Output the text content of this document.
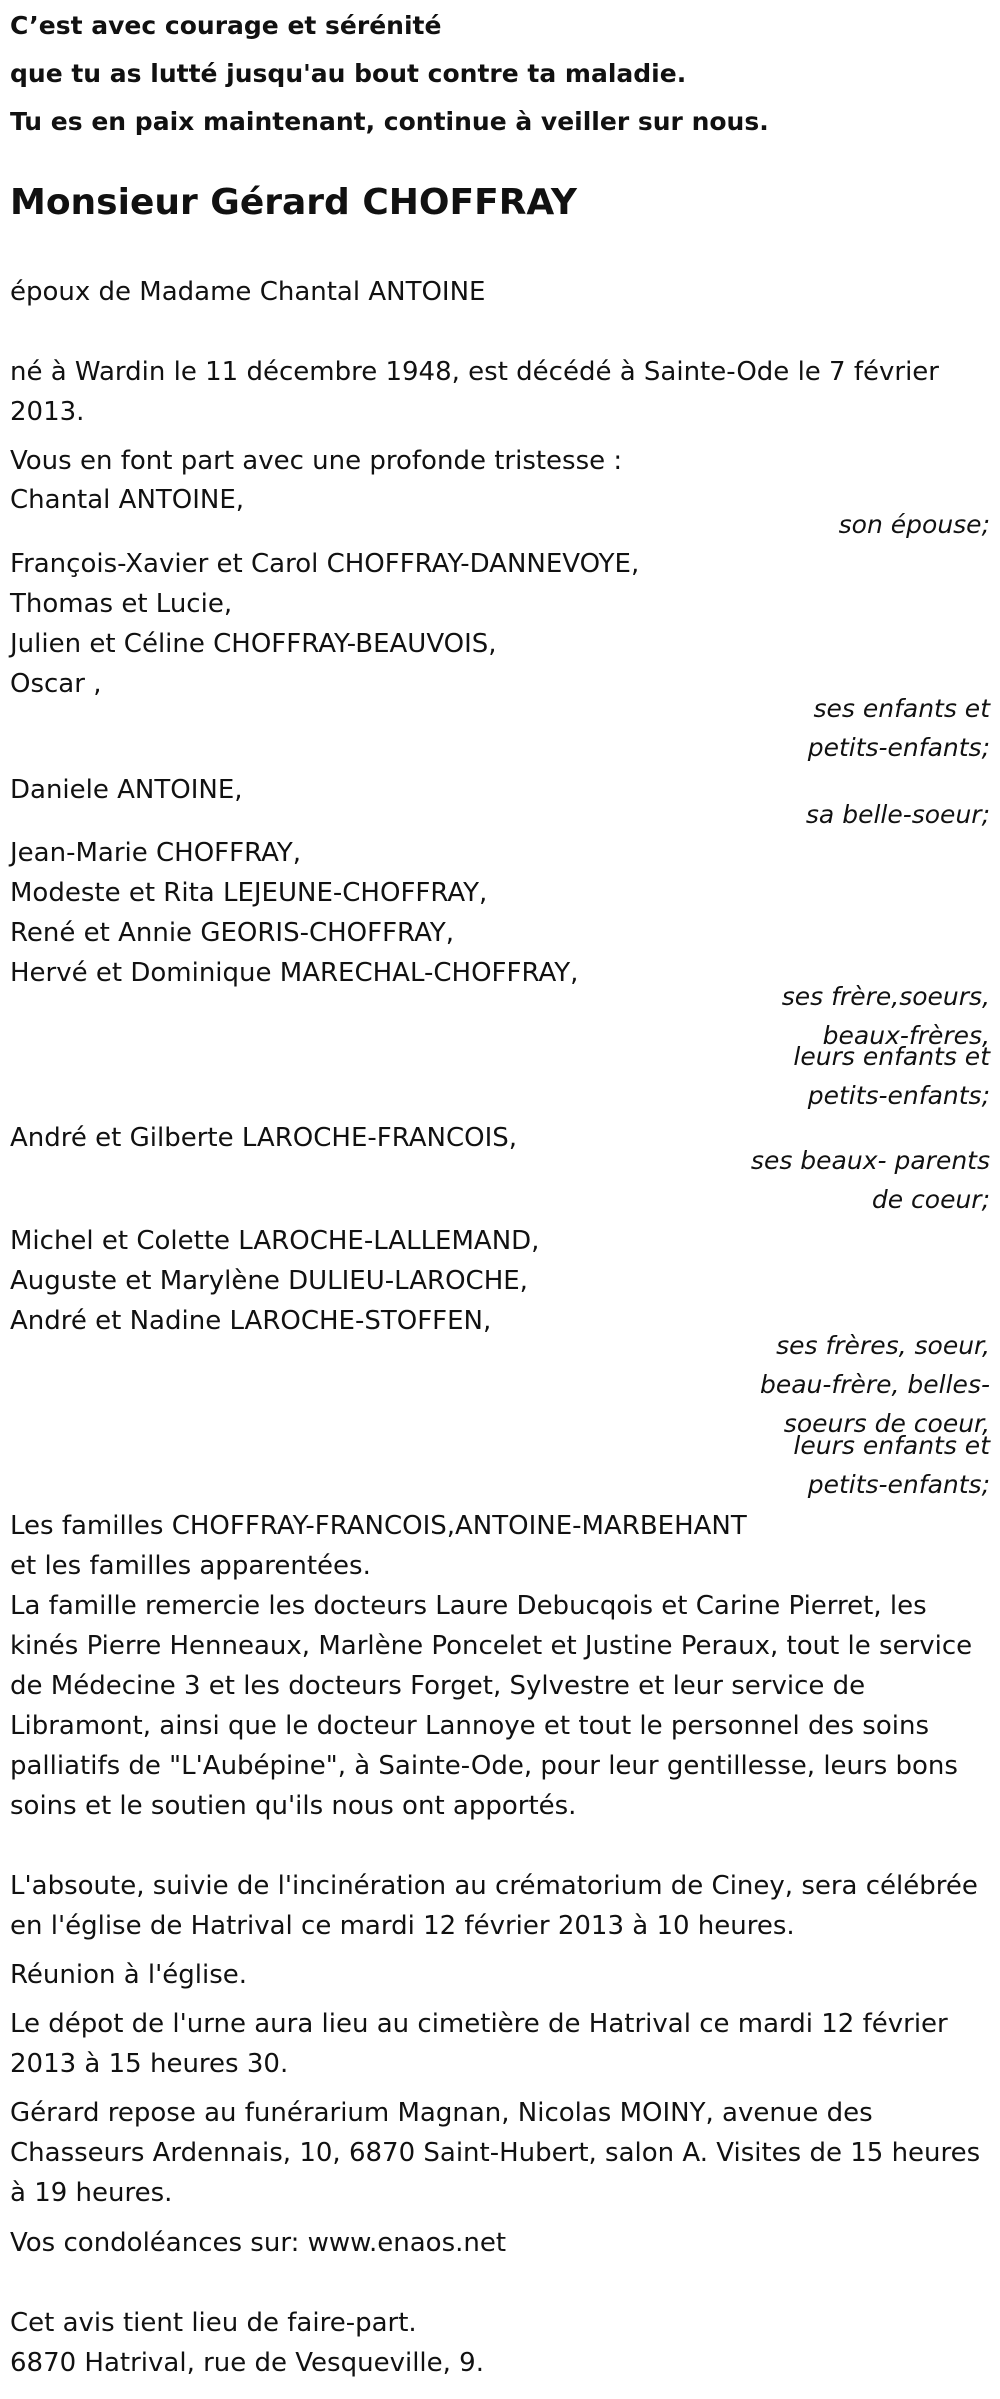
C’est avec courage et sérénité
que tu as lutté jusqu'au bout contre ta maladie.
Tu es en paix maintenant, continue à veiller sur nous.
Monsieur Gérard CHOFFRAY
époux de Madame Chantal ANTOINE
né à Wardin le 11 décembre 1948, est décédé à Sainte-Ode le 7 février 2013.
Vous en font part avec une profonde tristesse :
Chantal ANTOINE,
son épouse;
François-Xavier et Carol CHOFFRAY-DANNEVOYE,
Thomas et Lucie,
Julien et Céline CHOFFRAY-BEAUVOIS,
Oscar ,
ses enfants et petits-enfants;
Daniele ANTOINE,
sa belle-soeur;
Jean-Marie CHOFFRAY,
Modeste et Rita LEJEUNE-CHOFFRAY,
René et Annie GEORIS-CHOFFRAY,
Hervé et Dominique MARECHAL-CHOFFRAY,
ses frère,soeurs, beaux-frères,
leurs enfants et petits-enfants;
André et Gilberte LAROCHE-FRANCOIS,
ses beaux- parents de coeur;
Michel et Colette LAROCHE-LALLEMAND,
Auguste et Marylène DULIEU-LAROCHE,
André et Nadine LAROCHE-STOFFEN,
ses frères, soeur, beau-frère, belles-soeurs de coeur,
leurs enfants et petits-enfants;
Les familles CHOFFRAY-FRANCOIS,ANTOINE-MARBEHANT
et les familles apparentées.
La famille remercie les docteurs Laure Debucqois et Carine Pierret, les kinés Pierre Henneaux, Marlène Poncelet et Justine Peraux, tout le service de Médecine 3 et les docteurs Forget, Sylvestre et leur service de Libramont, ainsi que le docteur Lannoye et tout le personnel des soins palliatifs de "L'Aubépine", à Sainte-Ode, pour leur gentillesse, leurs bons soins et le soutien qu'ils nous ont apportés.
L'absoute, suivie de l'incinération au crématorium de Ciney, sera célébrée en l'église de Hatrival ce mardi 12 février 2013 à 10 heures.
Réunion à l'église.
Le dépot de l'urne aura lieu au cimetière de Hatrival ce mardi 12 février 2013 à 15 heures 30.
Gérard repose au funérarium Magnan, Nicolas MOINY, avenue des Chasseurs Ardennais, 10, 6870 Saint-Hubert, salon A. Visites de 15 heures à 19 heures.
Vos condoléances sur: www.enaos.net
Cet avis tient lieu de faire-part.
6870 Hatrival, rue de Vesqueville, 9.
